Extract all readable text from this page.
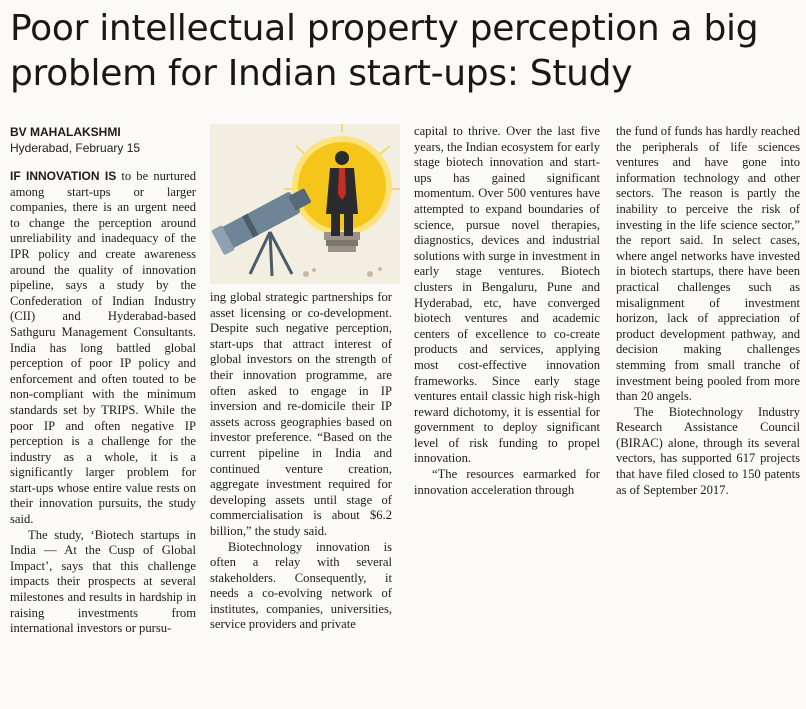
Poor intellectual property perception a big problem for Indian start-ups: Study
BV MAHALAKSHMI
Hyderabad, February 15

IF INNOVATION IS to be nurtured among start-ups or larger companies, there is an urgent need to change the perception around unreliability and inadequacy of the IPR policy and create awareness around the quality of innovation pipeline, says a study by the Confederation of Indian Industry (CII) and Hyderabad-based Sathguru Management Consultants. India has long battled global perception of poor IP policy and enforcement and often touted to be non-compliant with the minimum standards set by TRIPS. While the poor IP and often negative IP perception is a challenge for the industry as a whole, it is a significantly larger problem for start-ups whose entire value rests on their innovation pursuits, the study said.

The study, ‘Biotech startups in India — At the Cusp of Global Impact’, says that this challenge impacts their prospects at several milestones and results in hardship in raising investments from international investors or pursu-

ing global strategic partnerships for asset licensing or co-development. Despite such negative perception, start-ups that attract interest of global investors on the strength of their innovation programme, are often asked to engage in IP inversion and re-domicile their IP assets across geographies based on investor preference. “Based on the current pipeline in India and continued venture creation, aggregate investment required for developing assets until stage of commercialisation is about $6.2 billion,” the study said.

Biotechnology innovation is often a relay with several stakeholders. Consequently, it needs a co-evolving network of institutes, companies, universities, service providers and private

capital to thrive. Over the last five years, the Indian ecosystem for early stage biotech innovation and start-ups has gained significant momentum. Over 500 ventures have attempted to expand boundaries of science, pursue novel therapies, diagnostics, devices and industrial solutions with surge in investment in early stage ventures. Biotech clusters in Bengaluru, Pune and Hyderabad, etc, have converged biotech ventures and academic centers of excellence to co-create products and services, applying most cost-effective innovation frameworks. Since early stage ventures entail classic high risk-high reward dichotomy, it is essential for government to deploy significant level of risk funding to propel innovation.

“The resources earmarked for innovation acceleration through

the fund of funds has hardly reached the peripherals of life sciences ventures and have gone into information technology and other sectors. The reason is partly the inability to perceive the risk of investing in the life science sector,” the report said. In select cases, where angel networks have invested in biotech startups, there have been practical challenges such as misalignment of investment horizon, lack of appreciation of product development pathway, and decision making challenges stemming from small tranche of investment being pooled from more than 20 angels.

The Biotechnology Industry Research Assistance Council (BIRAC) alone, through its several vectors, has supported 617 projects that have filed closed to 150 patents as of September 2017.
